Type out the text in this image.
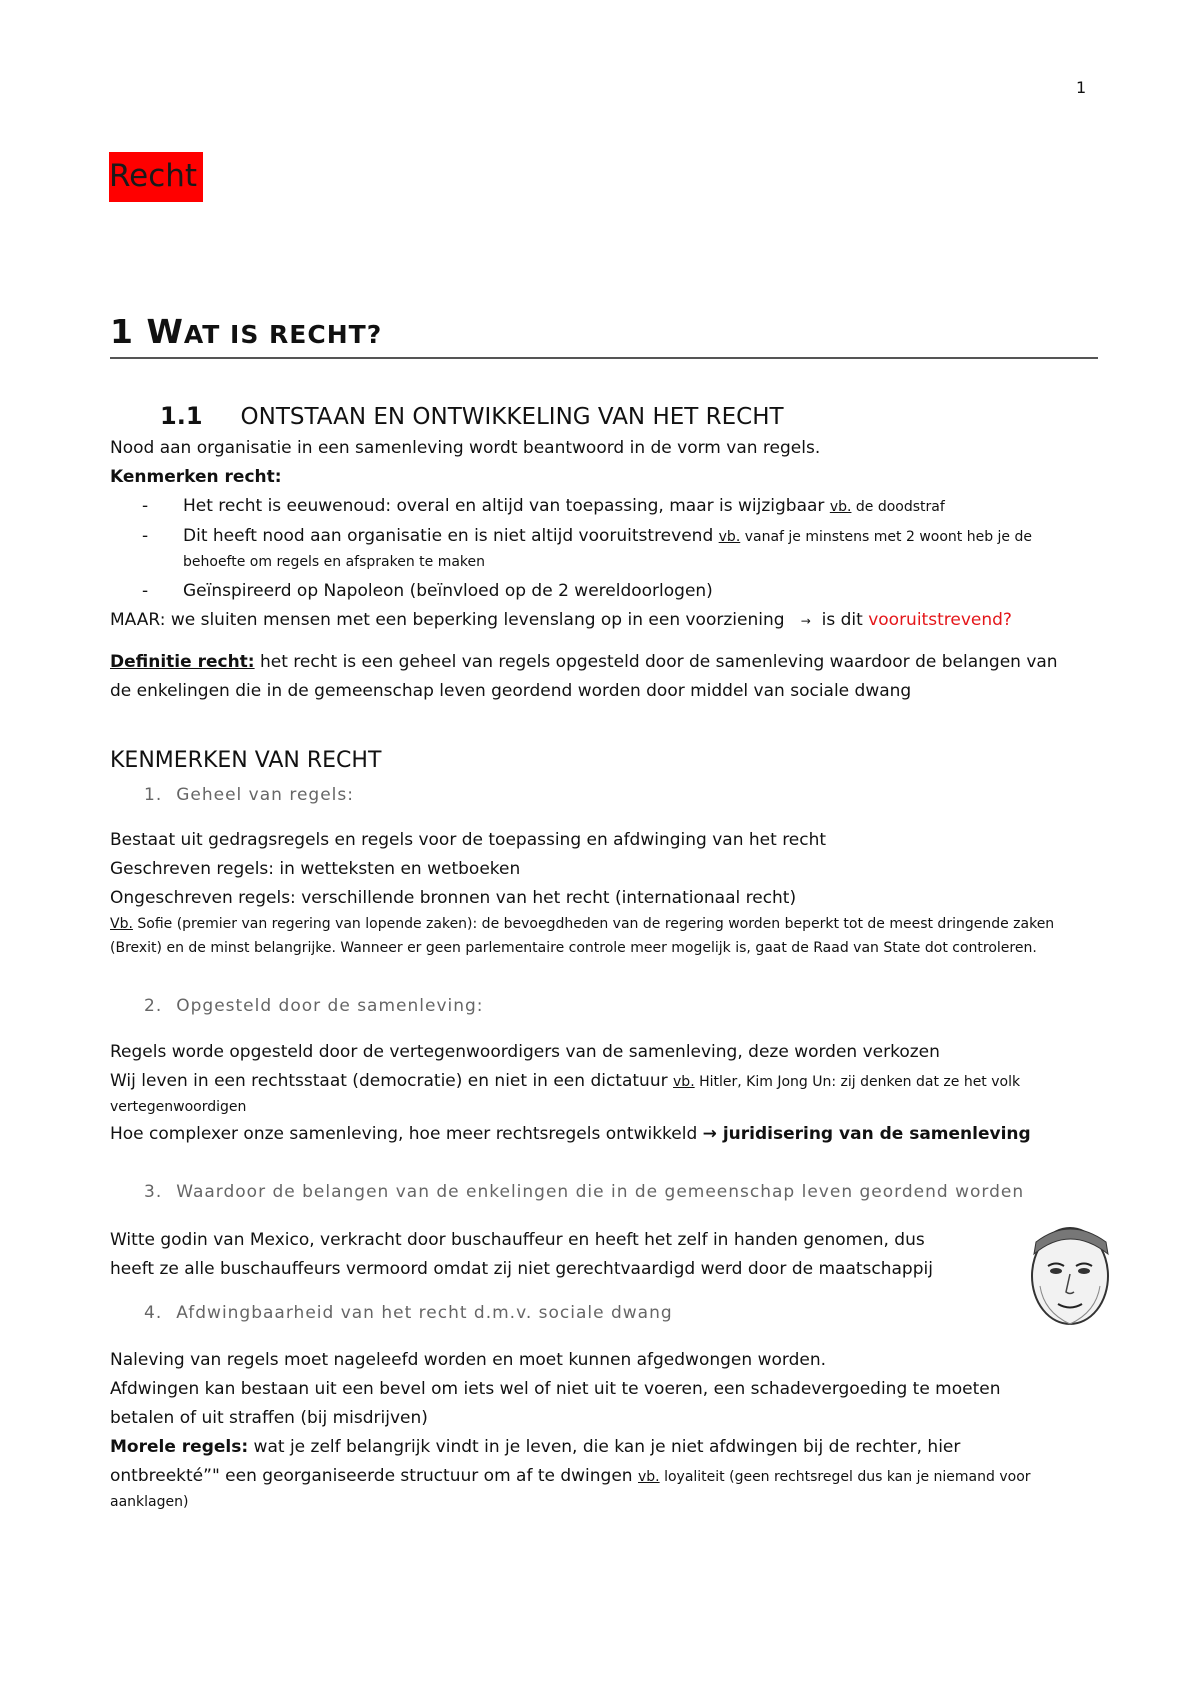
1
Recht
1 WAT IS RECHT?
1.1 ONTSTAAN EN ONTWIKKELING VAN HET RECHT
Nood aan organisatie in een samenleving wordt beantwoord in de vorm van regels.
Kenmerken recht:
- Het recht is eeuwenoud: overal en altijd van toepassing, maar is wijzigbaar vb. de doodstraf
- Dit heeft nood aan organisatie en is niet altijd vooruitstrevend vb. vanaf je minstens met 2 woont heb je de
behoefte om regels en afspraken te maken
- Geïnspireerd op Napoleon (beïnvloed op de 2 wereldoorlogen)
MAAR: we sluiten mensen met een beperking levenslang op in een voorziening → is dit vooruitstrevend?
Definitie recht: het recht is een geheel van regels opgesteld door de samenleving waardoor de belangen van
de enkelingen die in de gemeenschap leven geordend worden door middel van sociale dwang
KENMERKEN VAN RECHT
1. Geheel van regels:
Bestaat uit gedragsregels en regels voor de toepassing en afdwinging van het recht
Geschreven regels: in wetteksten en wetboeken
Ongeschreven regels: verschillende bronnen van het recht (internationaal recht)
Vb. Sofie (premier van regering van lopende zaken): de bevoegdheden van de regering worden beperkt tot de meest dringende zaken
(Brexit) en de minst belangrijke. Wanneer er geen parlementaire controle meer mogelijk is, gaat de Raad van State dot controleren.
2. Opgesteld door de samenleving:
Regels worde opgesteld door de vertegenwoordigers van de samenleving, deze worden verkozen
Wij leven in een rechtsstaat (democratie) en niet in een dictatuur vb. Hitler, Kim Jong Un: zij denken dat ze het volk
vertegenwoordigen
Hoe complexer onze samenleving, hoe meer rechtsregels ontwikkeld → juridisering van de samenleving
3. Waardoor de belangen van de enkelingen die in de gemeenschap leven geordend worden
Witte godin van Mexico, verkracht door buschauffeur en heeft het zelf in handen genomen, dus
heeft ze alle buschauffeurs vermoord omdat zij niet gerechtvaardigd werd door de maatschappij
4. Afdwingbaarheid van het recht d.m.v. sociale dwang
Naleving van regels moet nageleefd worden en moet kunnen afgedwongen worden.
Afdwingen kan bestaan uit een bevel om iets wel of niet uit te voeren, een schadevergoeding te moeten
betalen of uit straffen (bij misdrijven)
Morele regels: wat je zelf belangrijk vindt in je leven, die kan je niet afdwingen bij de rechter, hier
ontbreekté”" een georganiseerde structuur om af te dwingen vb. loyaliteit (geen rechtsregel dus kan je niemand voor
aanklagen)
